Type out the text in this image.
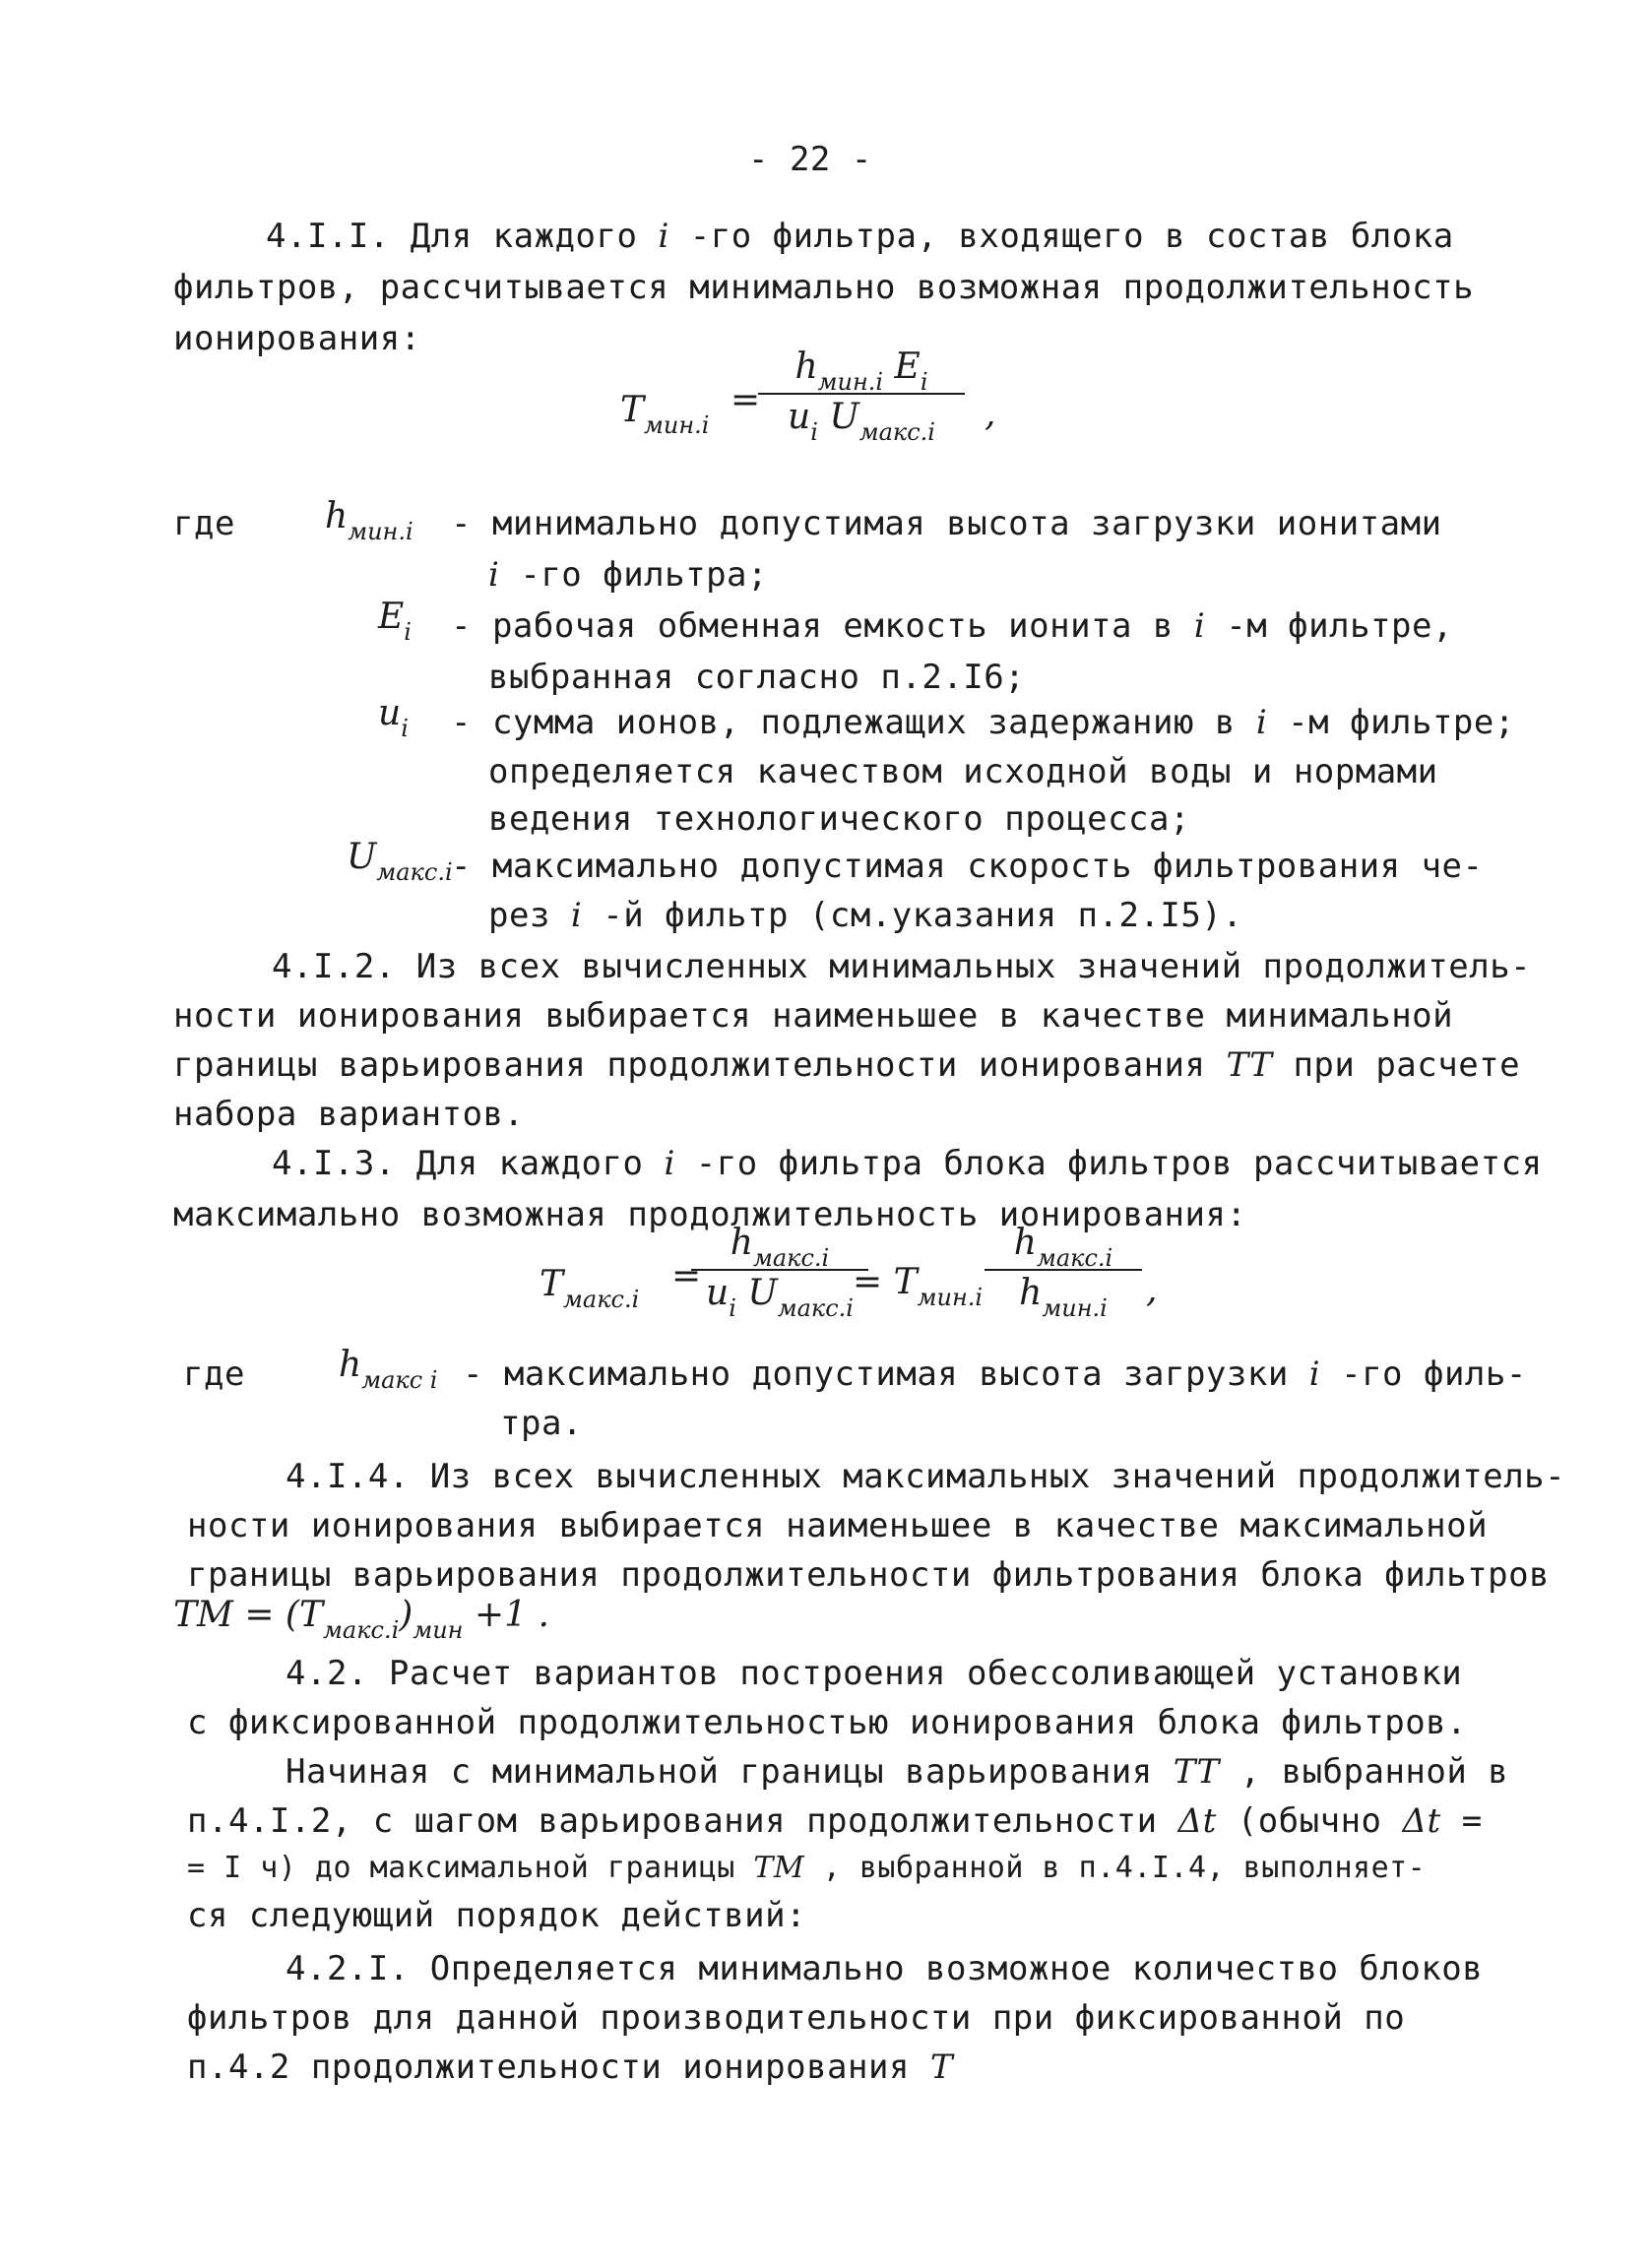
- 22 -
4.I.I. Для каждого i -го фильтра, входящего в состав блока
фильтров, рассчитывается минимально возможная продолжительность
ионирования:
$T_{мин.i}$
=
$h_{мин.i}$ $E_i$
$u_i$ $U_{макс.i}$	,
где	$h_{мин.i}$ - минимально допустимая высота загрузки ионитами
i -го фильтра;
$E_i$ - рабочая обменная емкость ионита в i -м фильтре,
выбранная согласно п.2.I6;
$u_i$ - сумма ионов, подлежащих задержанию в i -м фильтре;
определяется качеством исходной воды и нормами
ведения технологического процесса;
$U_{макс.i}$
- максимально допустимая скорость фильтрования че-
рез i -й фильтр (см.указания п.2.I5).
4.I.2. Из всех вычисленных минимальных значений продолжитель-
ности ионирования выбирается наименьшее в качестве минимальной
границы варьирования продолжительности ионирования TT при расчете
набора вариантов.
4.I.3. Для каждого i -го фильтра блока фильтров рассчитывается
максимально возможная продолжительность ионирования:
$T_{макс.i}$
=
$h_{макс.i}$
$u_i$ $U_{макс.i}$
= $T_{мин.i}$
$h_{макс.i}$
$h_{мин.i}$	,
где	$h_{макс i}$ - максимально допустимая высота загрузки i -го филь-
тра.
4.I.4. Из всех вычисленных максимальных значений продолжитель-
ности ионирования выбирается наименьшее в качестве максимальной
границы варьирования продолжительности фильтрования блока фильтров
TM = $(T_{макс.i})_{мин} +1$ .
4.2. Расчет вариантов построения обессоливающей установки
с фиксированной продолжительностью ионирования блока фильтров.
Начиная с минимальной границы варьирования TT , выбранной в
п.4.I.2, с шагом варьирования продолжительности Δt (обычно Δt =
= I ч) до максимальной границы TM , выбранной в п.4.I.4, выполняет-
ся следующий порядок действий:
4.2.I. Определяется минимально возможное количество блоков
фильтров для данной производительности при фиксированной по
п.4.2 продолжительности ионирования T
